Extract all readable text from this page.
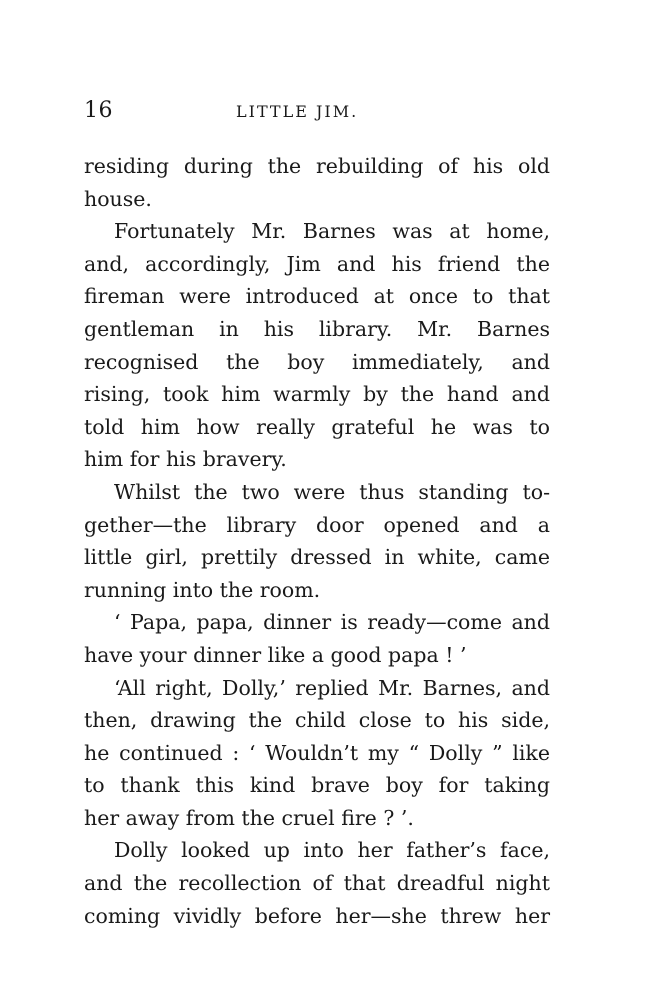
16	LITTLE JIM.
residing during the rebuilding of his old
house.
Fortunately Mr. Barnes was at home,
and, accordingly, Jim and his friend the
fireman were introduced at once to that
gentleman in his library. Mr. Barnes
recognised the boy immediately, and
rising, took him warmly by the hand and
told him how really grateful he was to
him for his bravery.
Whilst the two were thus standing to-
gether—the library door opened and a
little girl, prettily dressed in white, came
running into the room.
‘ Papa, papa, dinner is ready—come and
have your dinner like a good papa ! ’
‘All right, Dolly,’ replied Mr. Barnes, and
then, drawing the child close to his side,
he continued : ‘ Wouldn’t my “ Dolly ” like
to thank this kind brave boy for taking
her away from the cruel fire ? ’.
Dolly looked up into her father’s face,
and the recollection of that dreadful night
coming vividly before her—she threw her
